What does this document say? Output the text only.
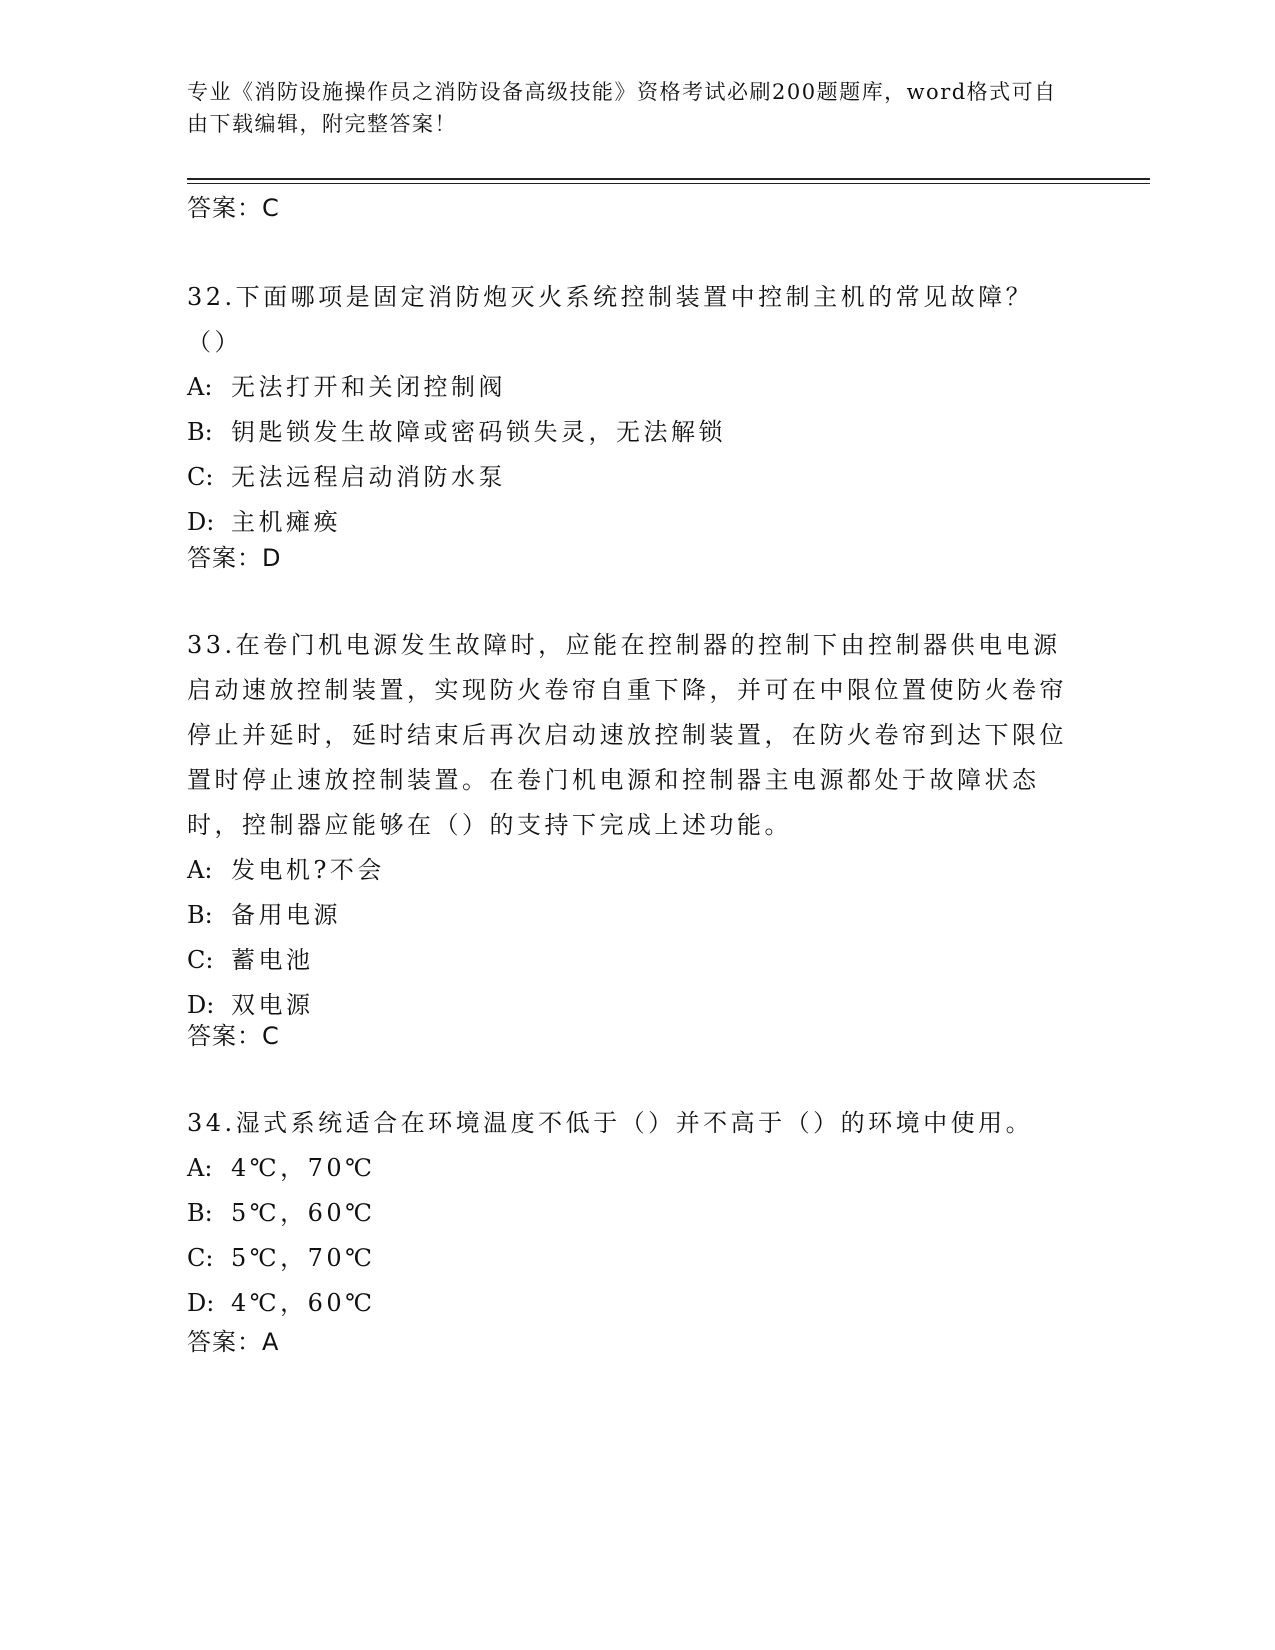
专业《消防设施操作员之消防设备高级技能》资格考试必刷200题题库，word格式可自由下载编辑，附完整答案！
答案：C
32.下面哪项是固定消防炮灭火系统控制装置中控制主机的常见故障？（）
A: 无法打开和关闭控制阀
B: 钥匙锁发生故障或密码锁失灵，无法解锁
C: 无法远程启动消防水泵
D: 主机瘫痪
答案：D
33.在卷门机电源发生故障时，应能在控制器的控制下由控制器供电电源启动速放控制装置，实现防火卷帘自重下降，并可在中限位置使防火卷帘停止并延时，延时结束后再次启动速放控制装置，在防火卷帘到达下限位置时停止速放控制装置。在卷门机电源和控制器主电源都处于故障状态时，控制器应能够在（）的支持下完成上述功能。
A: 发电机?不会
B: 备用电源
C: 蓄电池
D: 双电源
答案：C
34.湿式系统适合在环境温度不低于（）并不高于（）的环境中使用。
A: 4℃，70℃
B: 5℃，60℃
C: 5℃，70℃
D: 4℃，60℃
答案：A
